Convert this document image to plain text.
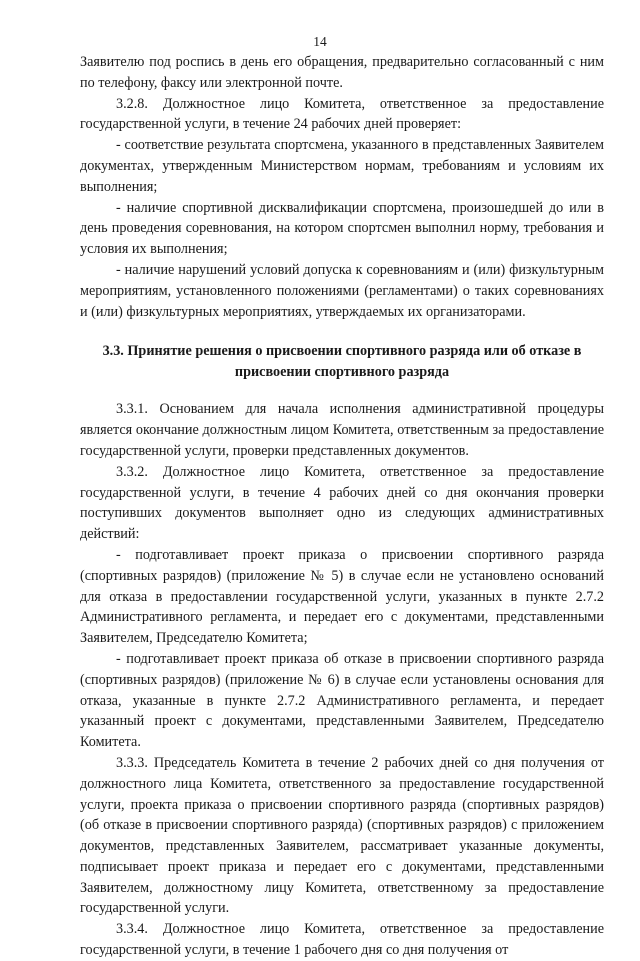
14

Заявителю под роспись в день его обращения, предварительно согласованный с ним по телефону, факсу или электронной почте.

3.2.8. Должностное лицо Комитета, ответственное за предоставление государственной услуги, в течение 24 рабочих дней проверяет:

- соответствие результата спортсмена, указанного в представленных Заявителем документах, утвержденным Министерством нормам, требованиям и условиям их выполнения;

- наличие спортивной дисквалификации спортсмена, произошедшей до или в день проведения соревнования, на котором спортсмен выполнил норму, требования и условия их выполнения;

- наличие нарушений условий допуска к соревнованиям и (или) физкультурным мероприятиям, установленного положениями (регламентами) о таких соревнованиях и (или) физкультурных мероприятиях, утверждаемых их организаторами.

3.3. Принятие решения о присвоении спортивного разряда или об отказе в присвоении спортивного разряда

3.3.1. Основанием для начала исполнения административной процедуры является окончание должностным лицом Комитета, ответственным за предоставление государственной услуги, проверки представленных документов.

3.3.2. Должностное лицо Комитета, ответственное за предоставление государственной услуги, в течение 4 рабочих дней со дня окончания проверки поступивших документов выполняет одно из следующих административных действий:

- подготавливает проект приказа о присвоении спортивного разряда (спортивных разрядов) (приложение № 5) в случае если не установлено оснований для отказа в предоставлении государственной услуги, указанных в пункте 2.7.2 Административного регламента, и передает его с документами, представленными Заявителем, Председателю Комитета;

- подготавливает проект приказа об отказе в присвоении спортивного разряда (спортивных разрядов) (приложение № 6) в случае если установлены основания для отказа, указанные в пункте 2.7.2 Административного регламента, и передает указанный проект с документами, представленными Заявителем, Председателю Комитета.

3.3.3. Председатель Комитета в течение 2 рабочих дней со дня получения от должностного лица Комитета, ответственного за предоставление государственной услуги, проекта приказа о присвоении спортивного разряда (спортивных разрядов) (об отказе в присвоении спортивного разряда) (спортивных разрядов) с приложением документов, представленных Заявителем, рассматривает указанные документы, подписывает проект приказа и передает его с документами, представленными Заявителем, должностному лицу Комитета, ответственному за предоставление государственной услуги.

3.3.4. Должностное лицо Комитета, ответственное за предоставление государственной услуги, в течение 1 рабочего дня со дня получения от
